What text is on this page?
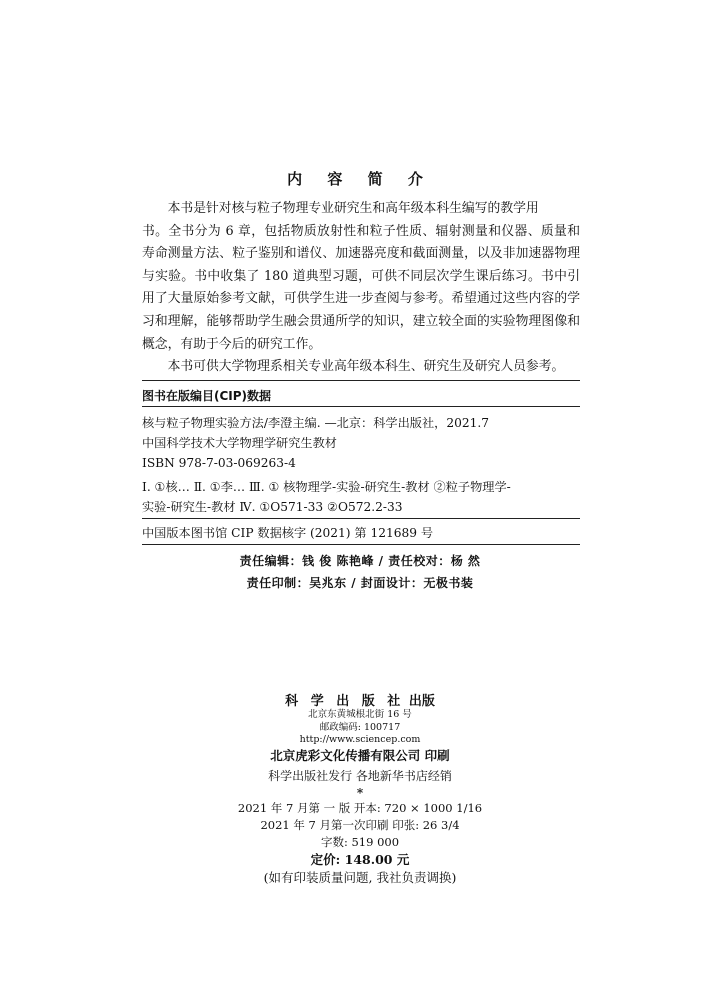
内 容 简 介

本书是针对核与粒子物理专业研究生和高年级本科生编写的教学用

书。全书分为 6 章，包括物质放射性和粒子性质、辐射测量和仪器、质量和寿命测量方法、粒子鉴别和谱仪、加速器亮度和截面测量，以及非加速器物理与实验。书中收集了 180 道典型习题，可供不同层次学生课后练习。书中引用了大量原始参考文献，可供学生进一步查阅与参考。希望通过这些内容的学习和理解，能够帮助学生融会贯通所学的知识，建立较全面的实验物理图像和概念，有助于今后的研究工作。

本书可供大学物理系相关专业高年级本科生、研究生及研究人员参考。

图书在版编目(CIP)数据
核与粒子物理实验方法/李澄主编. —北京：科学出版社，2021.7
中国科学技术大学物理学研究生教材
ISBN 978-7-03-069263-4
Ⅰ. ①核… Ⅱ. ①李… Ⅲ. ① 核物理学-实验-研究生-教材 ②粒子物理学-
实验-研究生-教材 Ⅳ. ①O571-33 ②O572.2-33
中国版本图书馆 CIP 数据核字 (2021) 第 121689 号
责任编辑：钱 俊 陈艳峰 / 责任校对：杨 然
责任印制：吴兆东 / 封面设计：无极书装
科 学 出 版 社 出版
北京东黄城根北街 16 号
邮政编码: 100717
http://www.sciencep.com
北京虎彩文化传播有限公司 印刷
科学出版社发行 各地新华书店经销
*
2021 年 7 月第 一 版 开本: 720 × 1000 1/16
2021 年 7 月第一次印刷 印张: 26 3/4
字数: 519 000
定价: 148.00 元
(如有印装质量问题, 我社负责调换)
